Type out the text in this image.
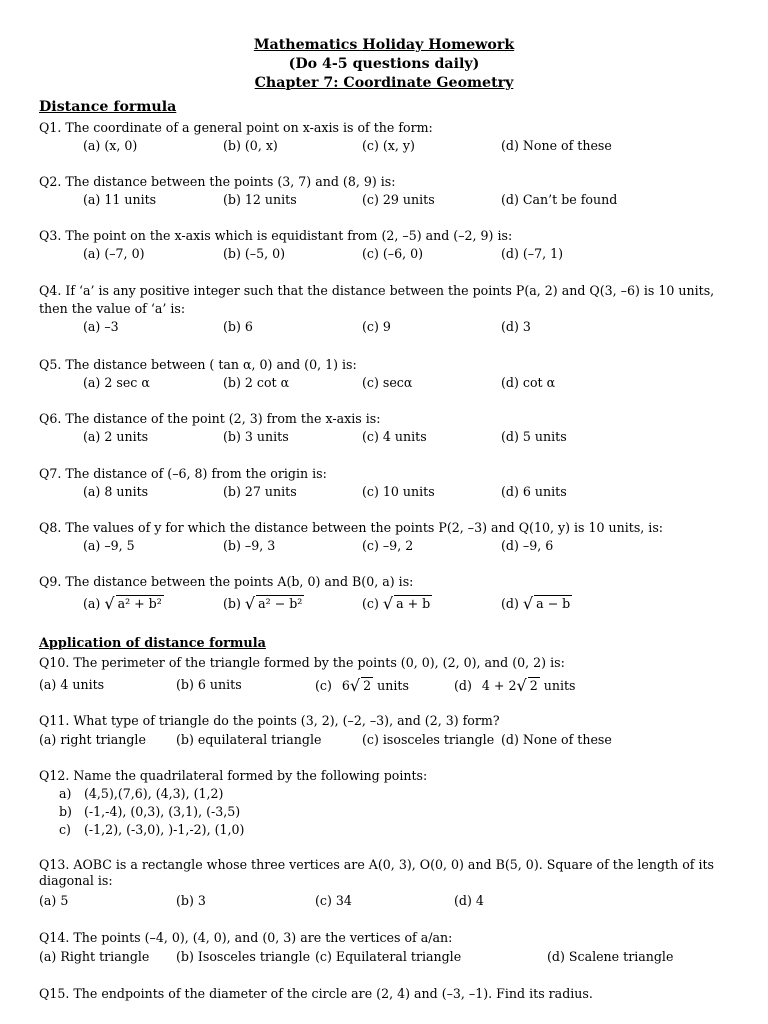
Mathematics Holiday Homework
(Do 4-5 questions daily)
Chapter 7: Coordinate Geometry
Distance formula
Q1. The coordinate of a general point on x-axis is of the form:
(a) (x, 0)	(b) (0, x)	(c) (x, y)	(d) None of these
Q2. The distance between the points (3, 7) and (8, 9) is:
(a) 11 units	(b) 12 units	(c) 29 units	(d) Can’t be found
Q3. The point on the x-axis which is equidistant from (2, –5) and (–2, 9) is:
(a) (–7, 0)	(b) (–5, 0)	(c) (–6, 0)	(d) (–7, 1)
Q4. If ‘a’ is any positive integer such that the distance between the points P(a, 2) and Q(3, –6) is 10 units, then the value of ‘a’ is:
(a) –3	(b) 6	(c) 9	(d) 3
Q5. The distance between ( tan α, 0) and (0, 1) is:
(a) 2 sec α	(b) 2 cot α	(c) secα	(d) cot α
Q6. The distance of the point (2, 3) from the x-axis is:
(a) 2 units	(b) 3 units	(c) 4 units	(d) 5 units
Q7. The distance of (–6, 8) from the origin is:
(a) 8 units	(b) 27 units	(c) 10 units	(d) 6 units
Q8. The values of y for which the distance between the points P(2, –3) and Q(10, y) is 10 units, is:
(a) –9, 5	(b) –9, 3	(c) –9, 2	(d) –9, 6
Q9. The distance between the points A(b, 0) and B(0, a) is:
(a) √ a² + b²	(b) √ a² − b²	(c) √ a + b	(d) √ a − b
Application of distance formula
Q10. The perimeter of the triangle formed by the points (0, 0), (2, 0), and (0, 2) is:
(a) 4 units	(b) 6 units	(c) 6√ 2 units	(d) 4 + 2√ 2 units
Q11. What type of triangle do the points (3, 2), (–2, –3), and (2, 3) form?
(a) right triangle (b) equilateral triangle	(c) isosceles triangle (d) None of these
Q12. Name the quadrilateral formed by the following points:
a) (4,5),(7,6), (4,3), (1,2)
b) (-1,-4), (0,3), (3,1), (-3,5)
c) (-1,2), (-3,0), )-1,-2), (1,0)
Q13. AOBC is a rectangle whose three vertices are A(0, 3), O(0, 0) and B(5, 0). Square of the length of its diagonal is:
(a) 5	(b) 3	(c) 34	(d) 4
Q14. The points (–4, 0), (4, 0), and (0, 3) are the vertices of a/an:
(a) Right triangle (b) Isosceles triangle (c) Equilateral triangle	(d) Scalene triangle
Q15. The endpoints of the diameter of the circle are (2, 4) and (–3, –1). Find its radius.
